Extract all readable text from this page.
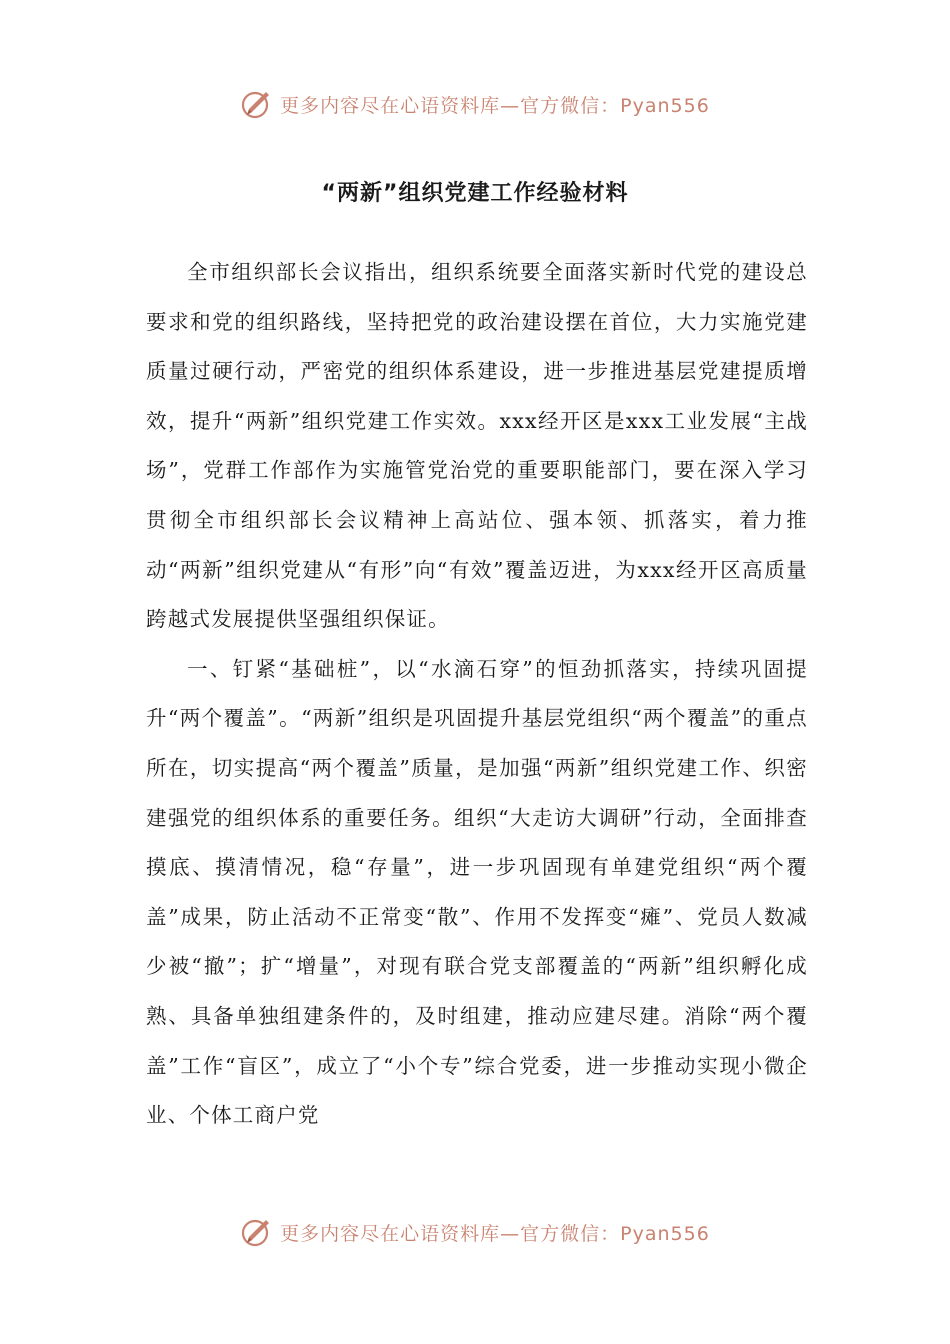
更多内容尽在心语资料库—官方微信：Pyan556
“两新”组织党建工作经验材料

全市组织部长会议指出，组织系统要全面落实新时代党的建设总要求和党的组织路线，坚持把党的政治建设摆在首位，大力实施党建质量过硬行动，严密党的组织体系建设，进一步推进基层党建提质增效，提升“两新”组织党建工作实效。xxx经开区是xxx工业发展“主战场”，党群工作部作为实施管党治党的重要职能部门，要在深入学习贯彻全市组织部长会议精神上高站位、强本领、抓落实，着力推动“两新”组织党建从“有形”向“有效”覆盖迈进，为xxx经开区高质量跨越式发展提供坚强组织保证。

一、钉紧“基础桩”，以“水滴石穿”的恒劲抓落实，持续巩固提升“两个覆盖”。“两新”组织是巩固提升基层党组织“两个覆盖”的重点所在，切实提高“两个覆盖”质量，是加强“两新”组织党建工作、织密建强党的组织体系的重要任务。组织“大走访大调研”行动，全面排查摸底、摸清情况，稳“存量”，进一步巩固现有单建党组织“两个覆盖”成果，防止活动不正常变“散”、作用不发挥变“瘫”、党员人数减少被“撤”；扩“增量”，对现有联合党支部覆盖的“两新”组织孵化成熟、具备单独组建条件的，及时组建，推动应建尽建。消除“两个覆盖”工作“盲区”，成立了“小个专”综合党委，进一步推动实现小微企业、个体工商户党

更多内容尽在心语资料库—官方微信：Pyan556
